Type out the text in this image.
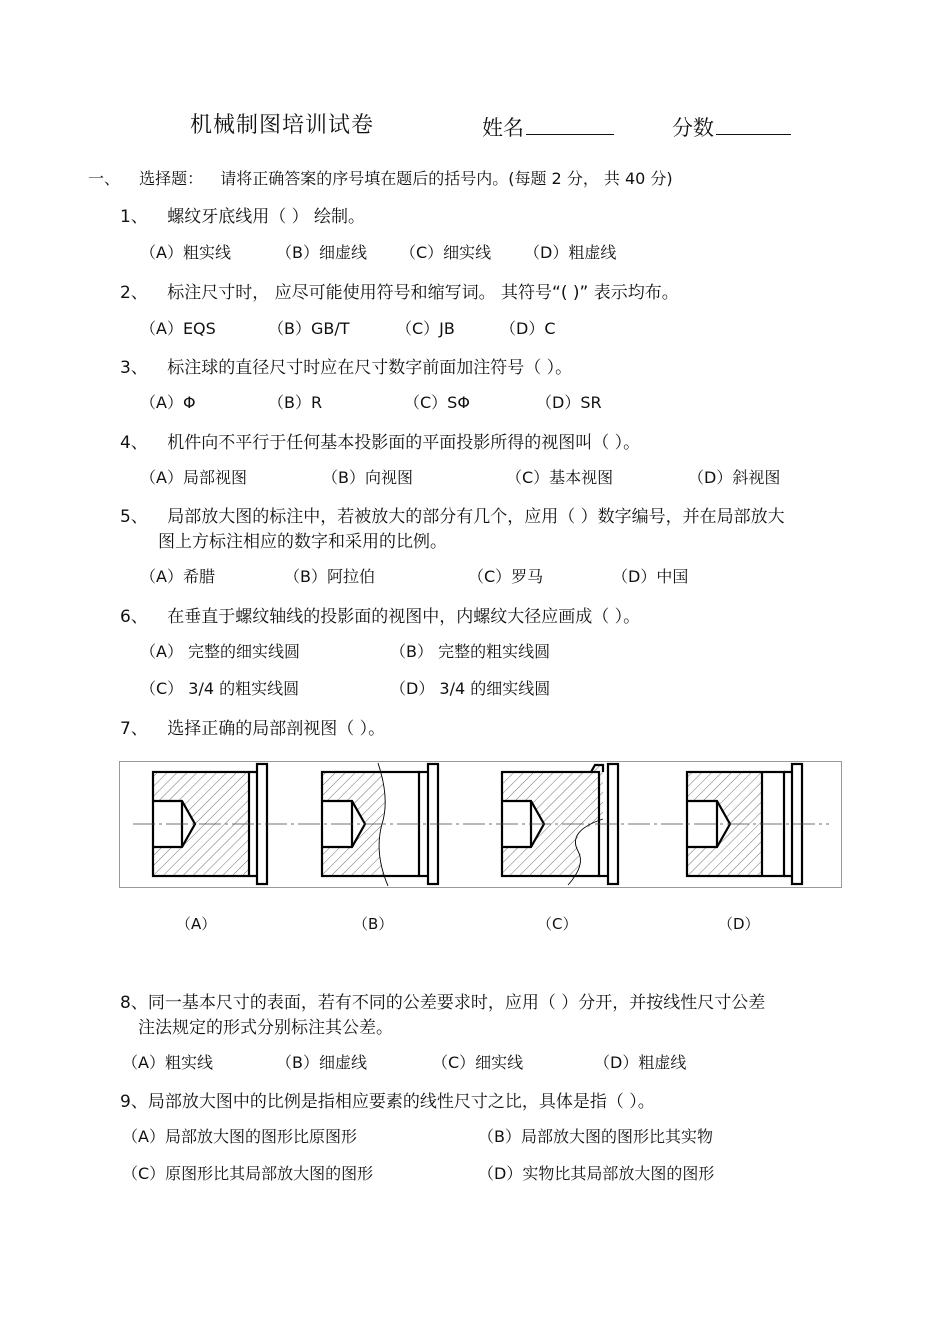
机械制图培训试卷	姓名	分数
一、 选择题： 请将正确答案的序号填在题后的括号内。(每题 2 分， 共 40 分)
1、 螺纹牙底线用（ ） 绘制。
（A）粗实线	（B）细虚线 （C）细实线 （D）粗虚线
2、 标注尺寸时， 应尽可能使用符号和缩写词。 其符号“( )” 表示均布。
（A）EQS	（B）GB/T	（C）JB	（D）C
3、 标注球的直径尺寸时应在尺寸数字前面加注符号（ ）。
（A）Φ	（B）R	（C）SΦ	（D）SR
4、 机件向不平行于任何基本投影面的平面投影所得的视图叫（ ）。
（A）局部视图	（B）向视图	（C）基本视图	（D）斜视图
5、 局部放大图的标注中，若被放大的部分有几个，应用（ ）数字编号，并在局部放大
图上方标注相应的数字和采用的比例。
（A）希腊	（B）阿拉伯	（C）罗马	（D）中国
6、 在垂直于螺纹轴线的投影面的视图中，内螺纹大径应画成（ ）。
（A） 完整的细实线圆	（B） 完整的粗实线圆
（C） 3/4 的粗实线圆	（D） 3/4 的细实线圆
7、 选择正确的局部剖视图（ ）。
（A）	（B）	（C）	（D）
8、同一基本尺寸的表面，若有不同的公差要求时，应用（ ）分开，并按线性尺寸公差
注法规定的形式分别标注其公差。
（A）粗实线	（B）细虚线	（C）细实线	（D）粗虚线
9、局部放大图中的比例是指相应要素的线性尺寸之比，具体是指（ ）。
（A）局部放大图的图形比原图形	（B）局部放大图的图形比其实物
（C）原图形比其局部放大图的图形	（D）实物比其局部放大图的图形
